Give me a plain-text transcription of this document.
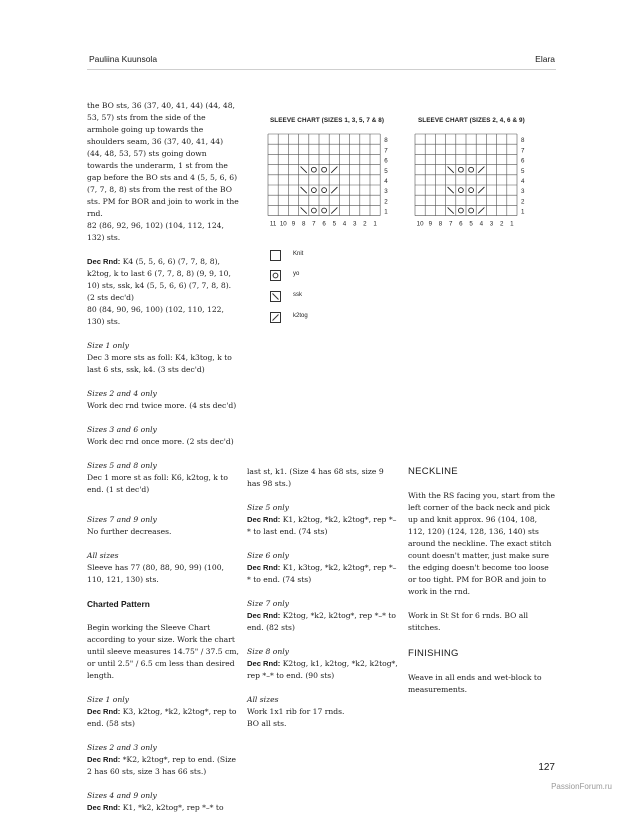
Pauliina Kuunsola	Elara

the BO sts, 36 (37, 40, 41, 44) (44, 48, 53, 57) sts from the side of the armhole going up towards the shoulders seam, 36 (37, 40, 41, 44) (44, 48, 53, 57) sts going down towards the underarm, 1 st from the gap before the BO sts and 4 (5, 5, 6, 6) (7, 7, 8, 8) sts from the rest of the BO sts. PM for BOR and join to work in the rnd.

82 (86, 92, 96, 102) (104, 112, 124, 132) sts.

Dec Rnd: K4 (5, 5, 6, 6) (7, 7, 8, 8), k2tog, k to last 6 (7, 7, 8, 8) (9, 9, 10, 10) sts, ssk, k4 (5, 5, 6, 6) (7, 7, 8, 8). (2 sts dec'd)

80 (84, 90, 96, 100) (102, 110, 122, 130) sts.

Size 1 only
Dec 3 more sts as foll: K4, k3tog, k to last 6 sts, ssk, k4. (3 sts dec'd)

Sizes 2 and 4 only
Work dec rnd twice more. (4 sts dec'd)

Sizes 3 and 6 only
Work dec rnd once more. (2 sts dec'd)

Sizes 5 and 8 only
Dec 1 more st as foll: K6, k2tog, k to end. (1 st dec'd)

Sizes 7 and 9 only
No further decreases.

All sizes
Sleeve has 77 (80, 88, 90, 99) (100, 110, 121, 130) sts.

Charted Pattern

Begin working the Sleeve Chart according to your size. Work the chart until sleeve measures 14.75" / 37.5 cm, or until 2.5" / 6.5 cm less than desired length.

Size 1 only
Dec Rnd: K3, k2tog, *k2, k2tog*, rep to end. (58 sts)

Sizes 2 and 3 only
Dec Rnd: *K2, k2tog*, rep to end. (Size 2 has 60 sts, size 3 has 66 sts.)

Sizes 4 and 9 only
Dec Rnd: K1, *k2, k2tog*, rep *–* to

last st, k1. (Size 4 has 68 sts, size 9 has 98 sts.)

Size 5 only
Dec Rnd: K1, k2tog, *k2, k2tog*, rep *–* to last end. (74 sts)

Size 6 only
Dec Rnd: K1, k3tog, *k2, k2tog*, rep *–* to end. (74 sts)

Size 7 only
Dec Rnd: K2tog, *k2, k2tog*, rep *–* to end. (82 sts)

Size 8 only
Dec Rnd: K2tog, k1, k2tog, *k2, k2tog*, rep *–* to end. (90 sts)

All sizes
Work 1x1 rib for 17 rnds.
BO all sts.

NECKLINE

With the RS facing you, start from the left corner of the back neck and pick up and knit approx. 96 (104, 108, 112, 120) (124, 128, 136, 140) sts around the neckline. The exact stitch count doesn't matter, just make sure the edging doesn't become too loose or too tight. PM for BOR and join to work in the rnd.

Work in St St for 6 rnds. BO all stitches.

FINISHING

Weave in all ends and wet-block to measurements.

SLEEVE CHART (SIZES 1, 3, 5, 7 & 8)	SLEEVE CHART (SIZES 2, 4, 6 & 9)
8
7
6
5
4
3
2
1
11 10 9 8 7 6 5 4 3 2 1
8
7
6
5
4
3
2
1
10 9 8 7 6 5 4 3 2 1
Knit
yo
ssk
k2tog
127
PassionForum.ru
